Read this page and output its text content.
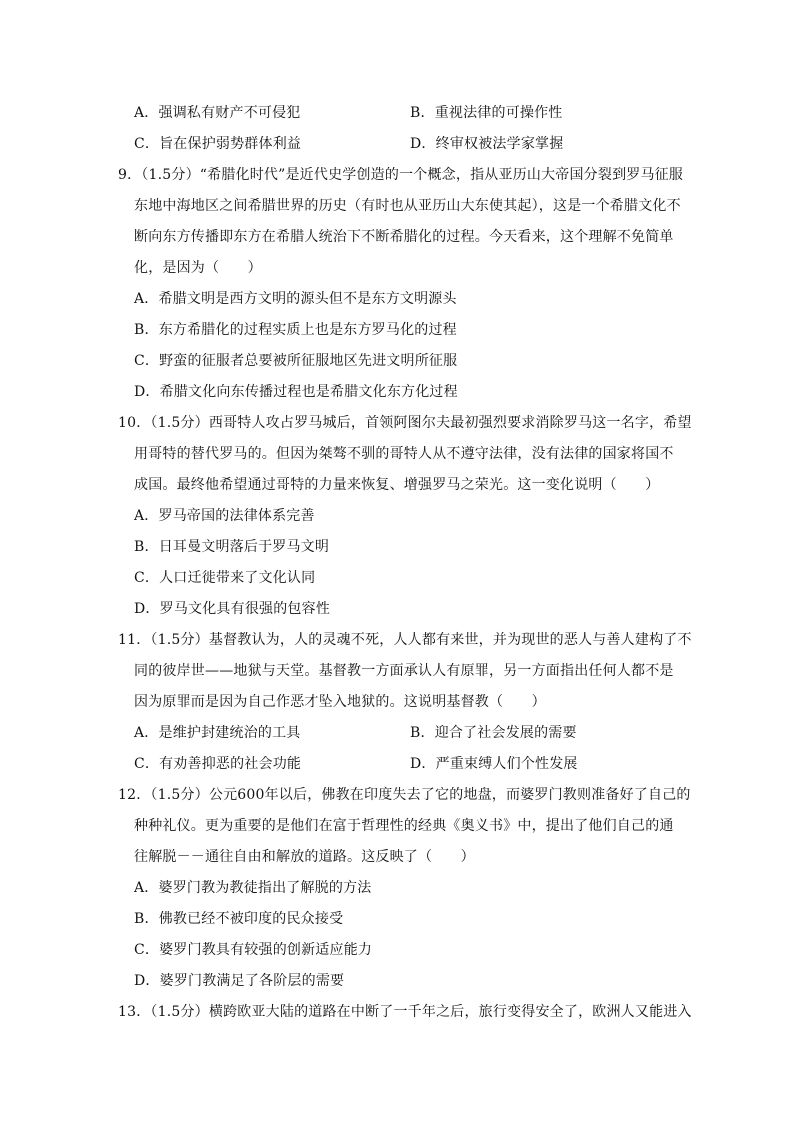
A．强调私有财产不可侵犯	B．重视法律的可操作性
C．旨在保护弱势群体利益	D．终审权被法学家掌握
9．（1.5分）“希腊化时代”是近代史学创造的一个概念，指从亚历山大帝国分裂到罗马征服
东地中海地区之间希腊世界的历史（有时也从亚历山大东使其起），这是一个希腊文化不
断向东方传播即东方在希腊人统治下不断希腊化的过程。今天看来，这个理解不免简单
化，是因为（　　）
A．希腊文明是西方文明的源头但不是东方文明源头
B．东方希腊化的过程实质上也是东方罗马化的过程
C．野蛮的征服者总要被所征服地区先进文明所征服
D．希腊文化向东传播过程也是希腊文化东方化过程
10．（1.5分）西哥特人攻占罗马城后，首领阿图尔夫最初强烈要求消除罗马这一名字，希望
用哥特的替代罗马的。但因为桀骜不驯的哥特人从不遵守法律，没有法律的国家将国不
成国。最终他希望通过哥特的力量来恢复、增强罗马之荣光。这一变化说明（　　）
A．罗马帝国的法律体系完善
B．日耳曼文明落后于罗马文明
C．人口迁徙带来了文化认同
D．罗马文化具有很强的包容性
11．（1.5分）基督教认为，人的灵魂不死，人人都有来世，并为现世的恶人与善人建构了不
同的彼岸世——地狱与天堂。基督教一方面承认人有原罪，另一方面指出任何人都不是
因为原罪而是因为自己作恶才坠入地狱的。这说明基督教（　　）
A．是维护封建统治的工具	B．迎合了社会发展的需要
C．有劝善抑恶的社会功能	D．严重束缚人们个性发展
12．（1.5分）公元600年以后，佛教在印度失去了它的地盘，而婆罗门教则准备好了自己的
种种礼仪。更为重要的是他们在富于哲理性的经典《奥义书》中，提出了他们自己的通
往解脱－－通往自由和解放的道路。这反映了（　　）
A．婆罗门教为教徒指出了解脱的方法
B．佛教已经不被印度的民众接受
C．婆罗门教具有较强的创新适应能力
D．婆罗门教满足了各阶层的需要
13．（1.5分）横跨欧亚大陆的道路在中断了一千年之后，旅行变得安全了，欧洲人又能进入
